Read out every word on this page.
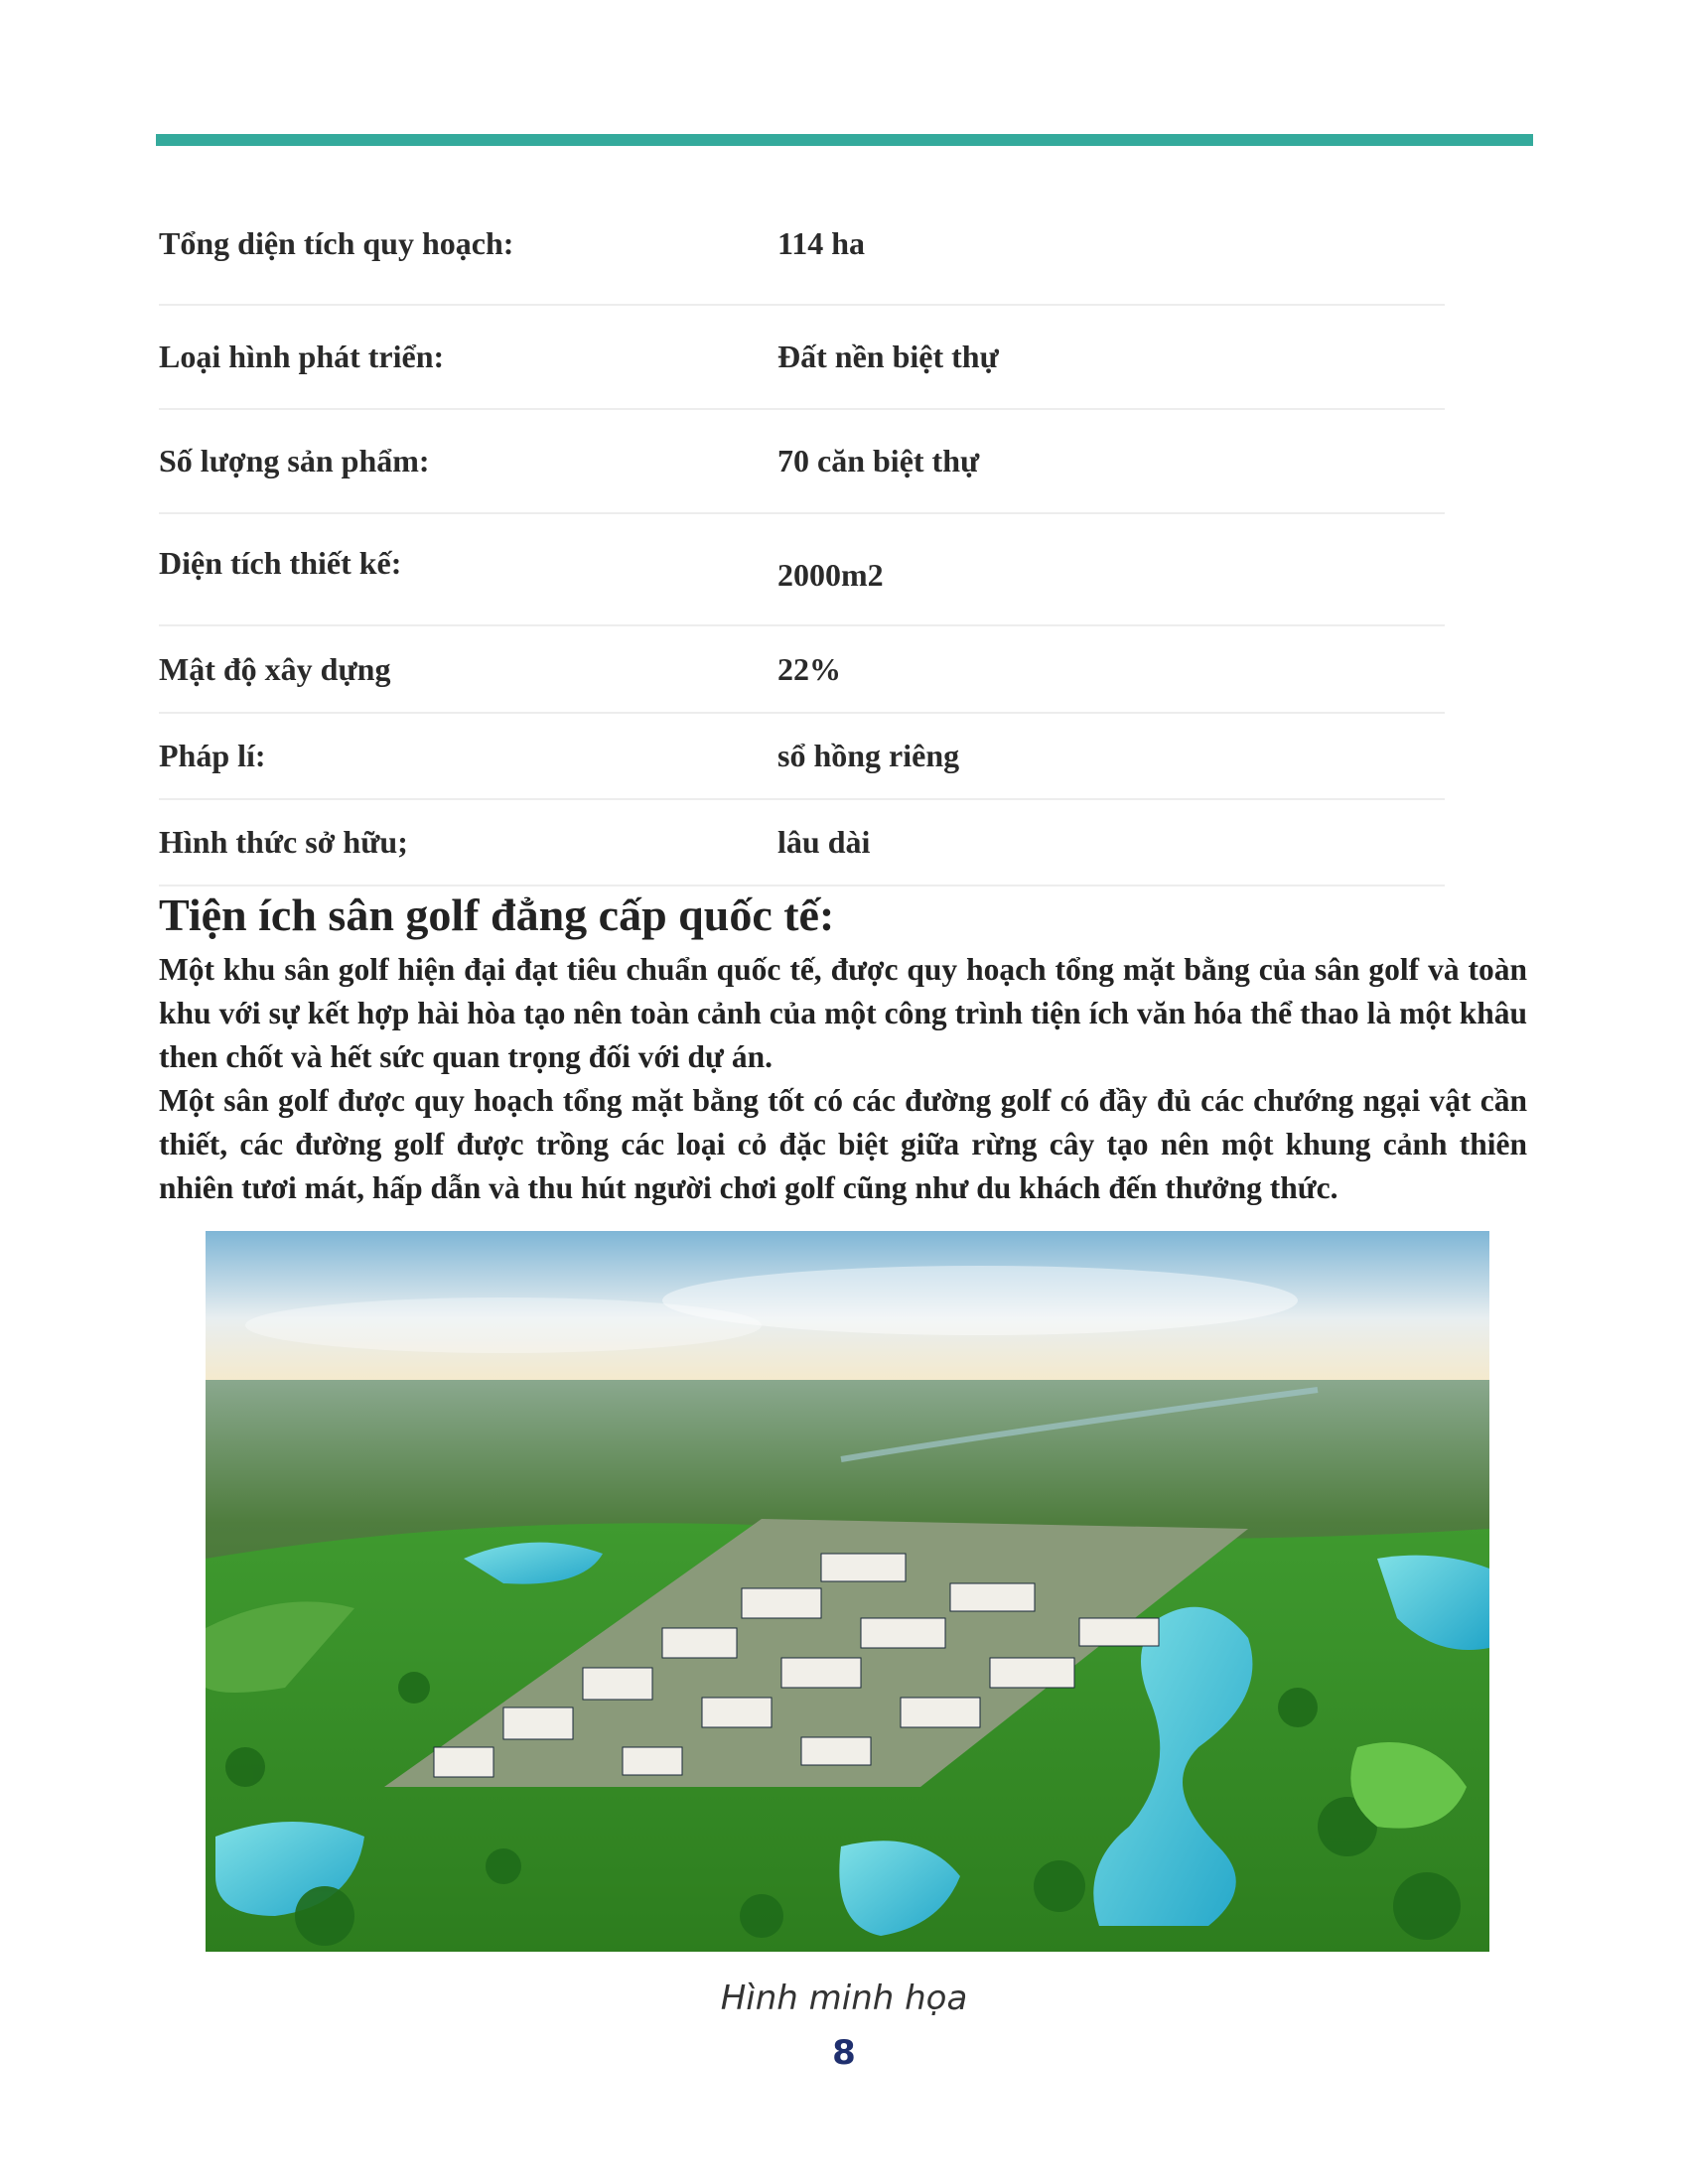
Tổng diện tích quy hoạch:	114 ha
Loại hình phát triển:	Đất nền biệt thự
Số lượng sản phẩm:	70 căn biệt thự
Diện tích thiết kế:	2000m2
Mật độ xây dựng	22%
Pháp lí:	sổ hồng riêng
Hình thức sở hữu;	lâu dài
Tiện ích sân golf đẳng cấp quốc tế:

Một khu sân golf hiện đại đạt tiêu chuẩn quốc tế, được quy hoạch tổng mặt bằng của sân golf và toàn khu với sự kết hợp hài hòa tạo nên toàn cảnh của một công trình tiện ích văn hóa thể thao là một khâu then chốt và hết sức quan trọng đối với dự án.

Một sân golf được quy hoạch tổng mặt bằng tốt có các đường golf có đầy đủ các chướng ngại vật cần thiết, các đường golf được trồng các loại cỏ đặc biệt giữa rừng cây tạo nên một khung cảnh thiên nhiên tươi mát, hấp dẫn và thu hút người chơi golf cũng như du khách đến thưởng thức.

Hình minh họa
8
